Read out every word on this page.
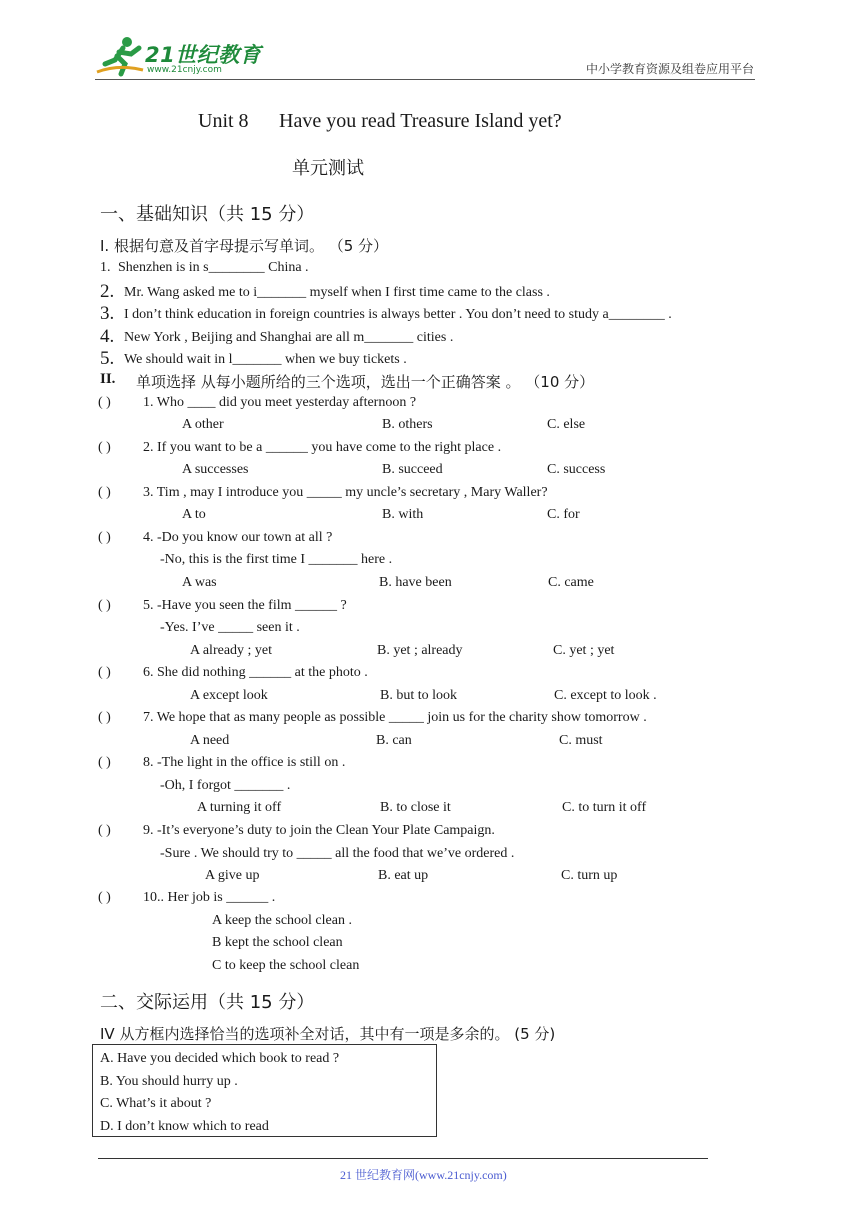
21世纪教育
www.21cnjy.com	中小学教育资源及组卷应用平台
Unit 8 Have you read Treasure Island yet?
单元测试
一、基础知识（共 15 分）
I. 根据句意及首字母提示写单词。 （5 分）
1. Shenzhen is in s________ China .
2. Mr. Wang asked me to i_______ myself when I first time came to the class .
3. I don’t think education in foreign countries is always better . You don’t need to study a________ .
4. New York , Beijing and Shanghai are all m_______ cities .
5. We should wait in l_______ when we buy tickets .
II. 单项选择 从每小题所给的三个选项，选出一个正确答案 。 （10 分）
( ) 1. Who ____ did you meet yesterday afternoon ?
A other	B. others	C. else
( ) 2. If you want to be a ______ you have come to the right place .
A successes	B. succeed	C. success
( ) 3. Tim , may I introduce you _____ my uncle’s secretary , Mary Waller?
A to	B. with	C. for
( ) 4. -Do you know our town at all ?
-No, this is the first time I _______ here .
A was	B. have been	C. came
( ) 5. -Have you seen the film ______ ?
-Yes. I’ve _____ seen it .
A already ; yet	B. yet ; already	C. yet ; yet
( ) 6. She did nothing ______ at the photo .
A except look	B. but to look	C. except to look .
( ) 7. We hope that as many people as possible _____ join us for the charity show tomorrow .
A need	B. can	C. must
( ) 8. -The light in the office is still on .
-Oh, I forgot _______ .
A turning it off	B. to close it	C. to turn it off
( ) 9. -It’s everyone’s duty to join the Clean Your Plate Campaign.
-Sure . We should try to _____ all the food that we’ve ordered .
A give up	B. eat up	C. turn up
( ) 10.. Her job is ______ .
A keep the school clean .
B kept the school clean
C to keep the school clean
二、交际运用（共 15 分）
IV 从方框内选择恰当的选项补全对话，其中有一项是多余的。 (5 分)
A. Have you decided which book to read ?
B. You should hurry up .
C. What’s it about ?
D. I don’t know which to read
21 世纪教育网(www.21cnjy.com)
